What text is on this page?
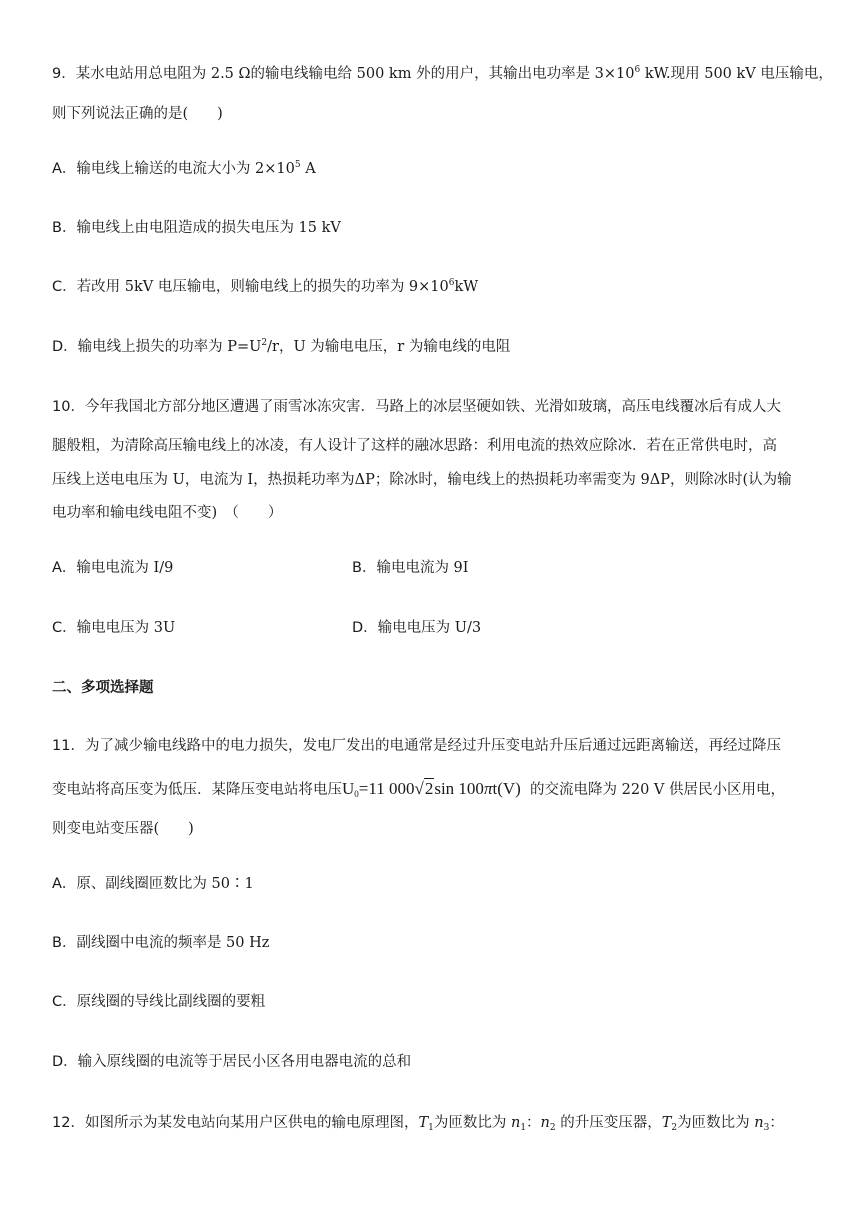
9．某水电站用总电阻为 2.5 Ω的输电线输电给 500 km 外的用户，其输出电功率是 $3\times 10^6$ kW.现用 500 kV 电压输电，
则下列说法正确的是(　　)
A．输电线上输送的电流大小为 $2\times 10^5$ A
B．输电线上由电阻造成的损失电压为 15 kV
C．若改用 5kV 电压输电，则输电线上的损失的功率为 $9\times 10^6kW$
D．输电线上损失的功率为 $P=U^2/r$，U 为输电电压，r 为输电线的电阻
10．今年我国北方部分地区遭遇了雨雪冰冻灾害．马路上的冰层坚硬如铁、光滑如玻璃，高压电线覆冰后有成人大
腿般粗，为清除高压输电线上的冰凌，有人设计了这样的融冰思路：利用电流的热效应除冰．若在正常供电时，高
压线上送电电压为 U，电流为 I，热损耗功率为ΔP；除冰时，输电线上的热损耗功率需变为 9ΔP，则除冰时(认为输
电功率和输电线电阻不变)　（　　）
A．输电电流为 I/9	B．输电电流为 9I
C．输电电压为 3U	D．输电电压为 U/3
二、多项选择题
11．为了减少输电线路中的电力损失，发电厂发出的电通常是经过升压变电站升压后通过远距离输送，再经过降压
变电站将高压变为低压．某降压变电站将电压$U_0=11$ 000√2sin 100πt(V) 的交流电降为 220 V 供居民小区用电，
则变电站变压器(　　)
A．原、副线圈匝数比为 50∶1
B．副线圈中电流的频率是 50 Hz
C．原线圈的导线比副线圈的要粗
D．输入原线圈的电流等于居民小区各用电器电流的总和
12．如图所示为某发电站向某用户区供电的输电原理图，$T_1$为匝数比为 $n_1$：$n_2$ 的升压变压器，$T_2$为匝数比为 $n_3$：
